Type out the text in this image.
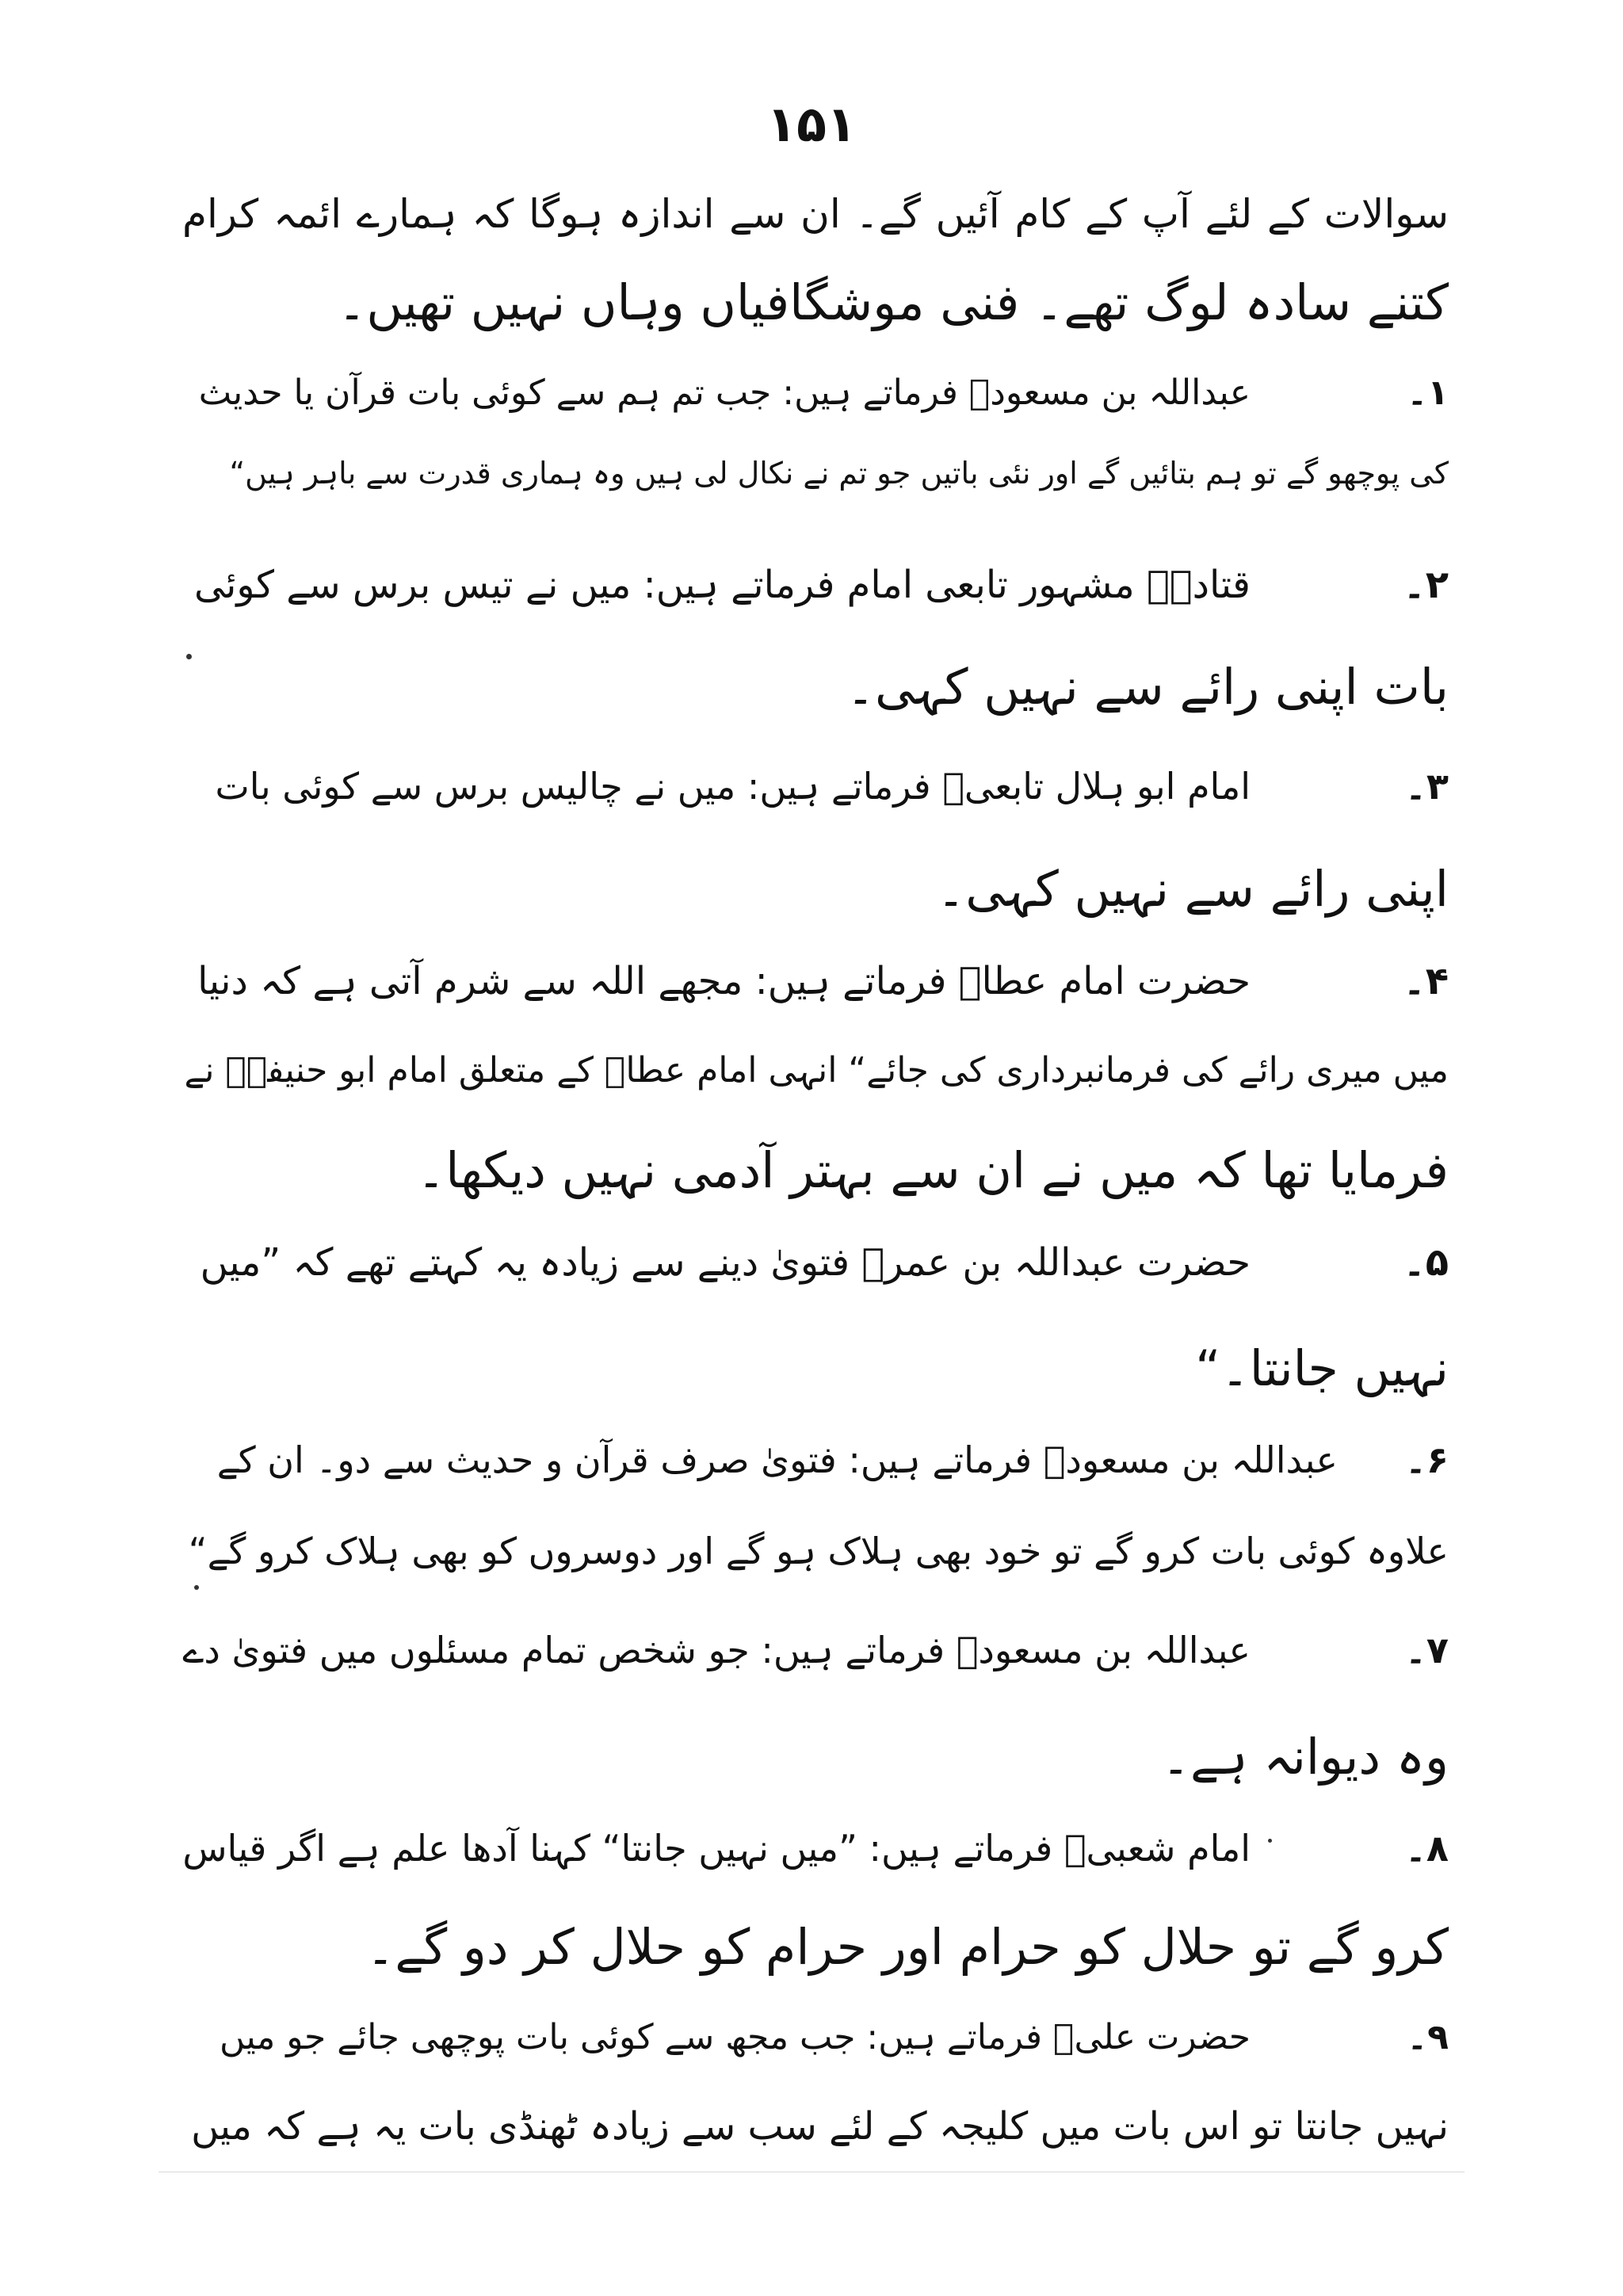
۱۵۱
سوالات کے لئے آپ کے کام آئیں گے۔ ان سے اندازہ ہوگا کہ ہمارے ائمہ کرام
کتنے سادہ لوگ تھے۔ فنی موشگافیاں وہاں نہیں تھیں۔
۱۔عبداللہ بن مسعودؓ فرماتے ہیں: جب تم ہم سے کوئی بات قرآن یا حدیث
کی پوچھو گے تو ہم بتائیں گے اور نئی باتیں جو تم نے نکال لی ہیں وہ ہماری قدرت سے باہر ہیں“
۲۔قتادہؒ مشہور تابعی امام فرماتے ہیں: میں نے تیس برس سے کوئی
بات اپنی رائے سے نہیں کہی۔
۳۔امام ابو ہلال تابعیؒ فرماتے ہیں: میں نے چالیس برس سے کوئی بات
اپنی رائے سے نہیں کہی۔
۴۔حضرت امام عطاؒ فرماتے ہیں: مجھے اللہ سے شرم آتی ہے کہ دنیا
میں میری رائے کی فرمانبرداری کی جائے“ انہی امام عطاؒ کے متعلق امام ابو حنیفہؒ نے
فرمایا تھا کہ میں نے ان سے بہتر آدمی نہیں دیکھا۔
۵۔حضرت عبداللہ بن عمرؓ فتویٰ دینے سے زیادہ یہ کہتے تھے کہ ”میں
نہیں جانتا۔“
۶۔عبداللہ بن مسعودؓ فرماتے ہیں: فتویٰ صرف قرآن و حدیث سے دو۔ ان کے
علاوہ کوئی بات کرو گے تو خود بھی ہلاک ہو گے اور دوسروں کو بھی ہلاک کرو گے“
۷۔عبداللہ بن مسعودؓ فرماتے ہیں: جو شخص تمام مسئلوں میں فتویٰ دے
وہ دیوانہ ہے۔
۸۔امام شعبیؒ فرماتے ہیں: ”میں نہیں جانتا“ کہنا آدھا علم ہے اگر قیاس
کرو گے تو حلال کو حرام اور حرام کو حلال کر دو گے۔
۹۔حضرت علیؓ فرماتے ہیں: جب مجھ سے کوئی بات پوچھی جائے جو میں
نہیں جانتا تو اس بات میں کلیجہ کے لئے سب سے زیادہ ٹھنڈی بات یہ ہے کہ میں
